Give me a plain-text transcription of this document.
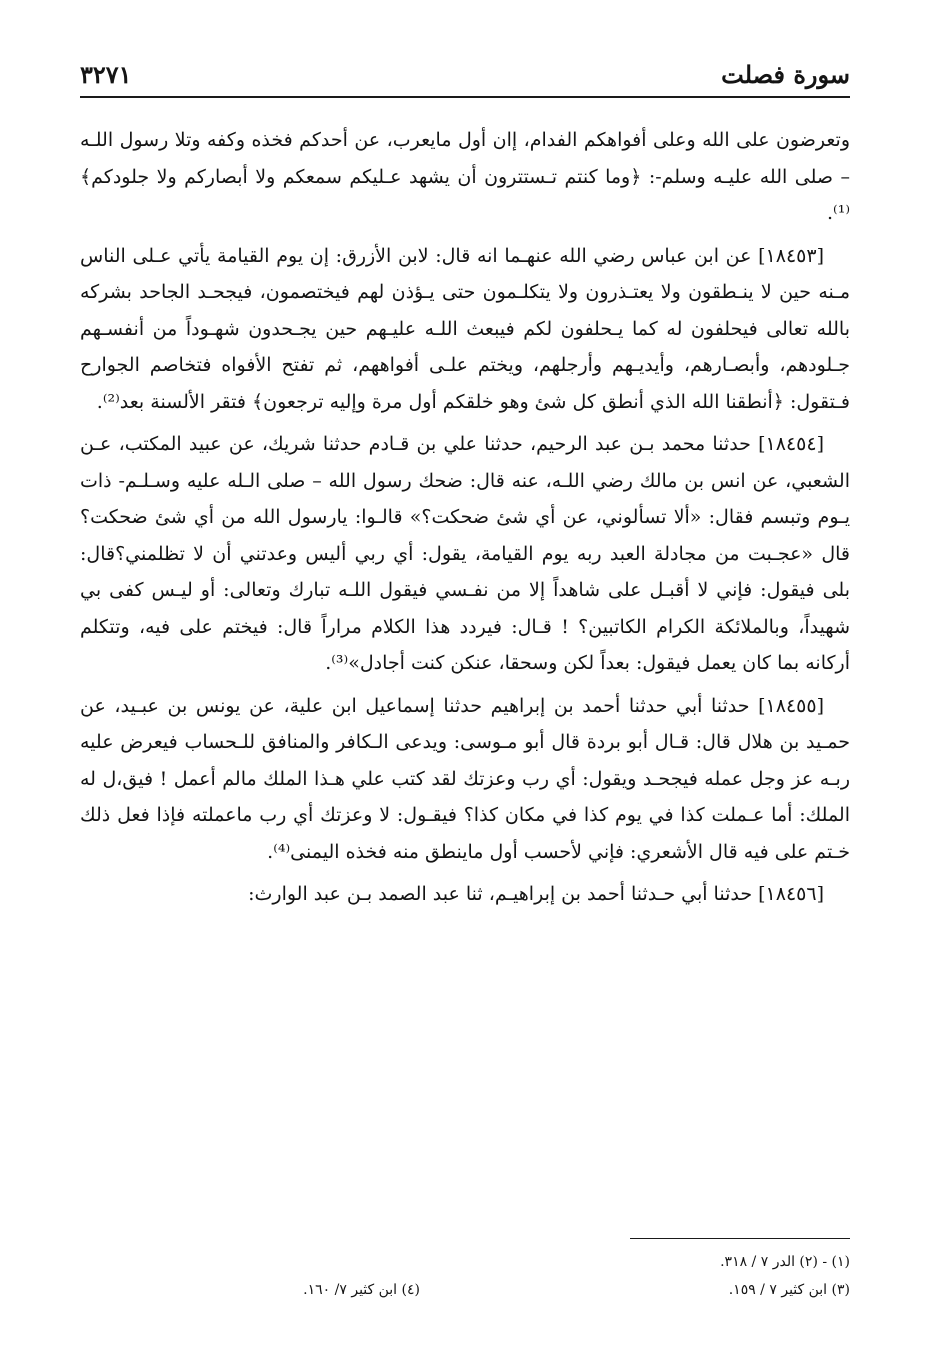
سورة فصلت
٣٢٧١

وتعرضون على الله وعلى أفواهكم الفدام، إان أول مايعرب، عن أحدكم فخذه وكفه وتلا رسول اللـه – صلى الله عليـه وسلم-: ﴿وما كنتم تـستترون أن يشهد عـليكم سمعكم ولا أبصاركم ولا جلودكم﴾⁽¹⁾.

[١٨٤٥٣] عن ابن عباس رضي الله عنهـما انه قال: لابن الأزرق: إن يوم القيامة يأتي عـلى الناس مـنه حين لا ينـطقون ولا يعتـذرون ولا يتكلـمون حتى يـؤذن لهم فيختصمون، فيجحـد الجاحد بشركه بالله تعالى فيحلفون له كما يـحلفون لكم فيبعث اللـه عليـهم حين يجـحدون شهـوداً من أنفسـهم جـلودهم، وأبصـارهم، وأيديـهم وأرجلهم، ويختم علـى أفواههم، ثم تفتح الأفواه فتخاصم الجوارح فـتقول: ﴿أنطقنا الله الذي أنطق كل شئ وهو خلقكم أول مرة وإليه ترجعون﴾ فتقر الألسنة بعد⁽²⁾.

[١٨٤٥٤] حدثنا محمد بـن عبد الرحيم، حدثنا علي بن قـادم حدثنا شريك، عن عبيد المكتب، عـن الشعبي، عن انس بن مالك رضي اللـه، عنه قال: ضحك رسول الله – صلى الـله عليه وسـلـم- ذات يـوم وتبسم فقال: «ألا تسألوني، عن أي شئ ضحكت؟» قالـوا: يارسول الله من أي شئ ضحكت؟ قال «عجـبت من مجادلة العبد ربه يوم القيامة، يقول: أي ربي أليس وعدتني أن لا تظلمني؟قال: بلى فيقول: فإني لا أقبـل على شاهداً إلا من نفـسي فيقول اللـه تبارك وتعالى: أو ليـس كفى بي شهيداً، وبالملائكة الكرام الكاتبين؟ ! قـال: فيردد هذا الكلام مراراً قال: فيختم على فيه، وتتكلم أركانه بما كان يعمل فيقول: بعداً لكن وسحقا، عنكن كنت أجادل»⁽³⁾.

[١٨٤٥٥] حدثنا أبي حدثنا أحمد بن إبراهيم حدثنا إسماعيل ابن علية، عن يونس بن عبـيد، عن حمـيد بن هلال قال: قـال أبو بردة قال أبو مـوسى: ويدعى الـكافر والمنافق للـحساب فيعرض عليه ربـه عز وجل عمله فيجحـد ويقول: أي رب وعزتك لقد كتب علي هـذا الملك مالم أعمل ! فيق،ل له الملك: أما عـملت كذا في يوم كذا في مكان كذا؟ فيقـول: لا وعزتك أي رب ماعملته فإذا فعل ذلك خـتم على فيه قال الأشعري: فإني لأحسب أول ماينطق منه فخذه اليمنى⁽⁴⁾.

[١٨٤٥٦] حدثنا أبي حـدثنا أحمد بن إبراهيـم، ثنا عبد الصمد بـن عبد الوارث:

(١) - (٢) الدر ٧ / ٣١٨.
(٣) ابن كثير ٧ / ١٥٩.
(٤) ابن كثير ٧/ ١٦٠.
